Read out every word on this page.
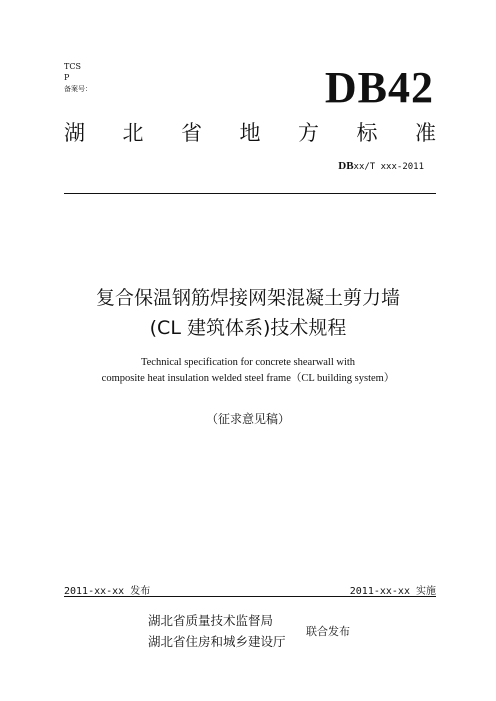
TCS
P
备案号：	DB42
湖 北 省 地 方 标 准
DBxx/T xxx-2011
复合保温钢筋焊接网架混凝土剪力墙
(CL 建筑体系)技术规程
Technical specification for concrete shearwall with
composite heat insulation welded steel frame（CL building system）
（征求意见稿）
2011-xx-xx 发布	2011-xx-xx 实施
湖北省质量技术监督局
湖北省住房和城乡建设厅
联合发布
